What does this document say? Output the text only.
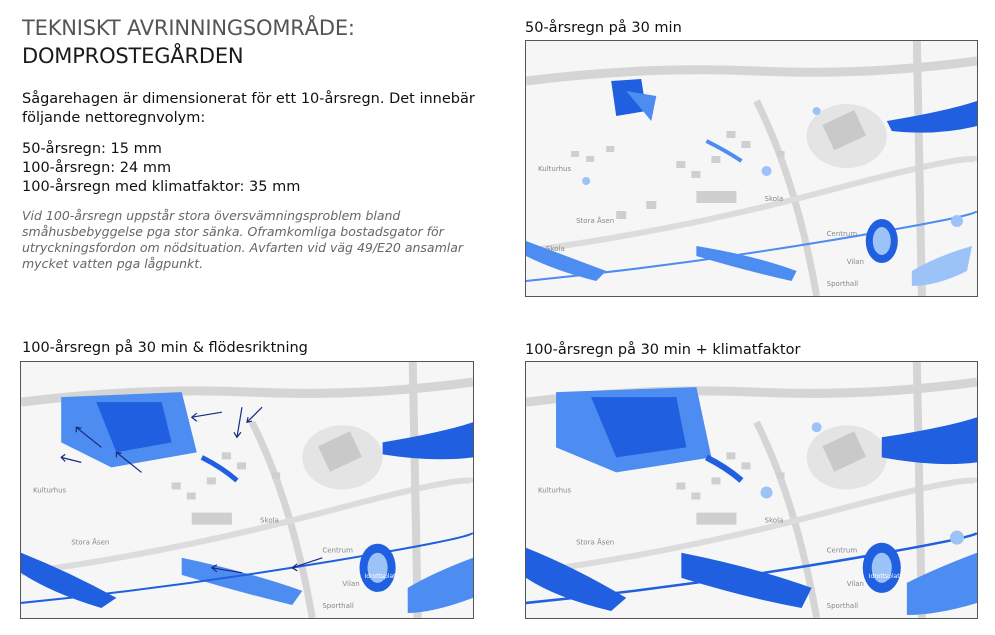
TEKNISKT AVRINNINGSOMRÅDE:
DOMPROSTEGÅRDEN
Sågarehagen är dimensionerat för ett 10-årsregn. Det innebär följande nettoregnvolym:
50-årsregn: 15 mm
100-årsregn: 24 mm
100-årsregn med klimatfaktor: 35 mm
Vid 100-årsregn uppstår stora översvämningsproblem bland småhusbebyggelse pga stor sänka. Oframkomliga bostadsgator för utryckningsfordon om nödsituation. Avfarten vid väg 49/E20 ansamlar mycket vatten pga lågpunkt.
50-årsregn på 30 min
Kulturhus
Skola
Skola
Stora Åsen
Centrum
Vilan
Sporthall
100-årsregn på 30 min & flödesriktning
Kulturhus
Skola
Stora Åsen
Centrum
Vilan
Sporthall
Idrottsplats
100-årsregn på 30 min + klimatfaktor
Kulturhus
Skola
Stora Åsen
Centrum
Vilan
Sporthall
Idrottsplats
